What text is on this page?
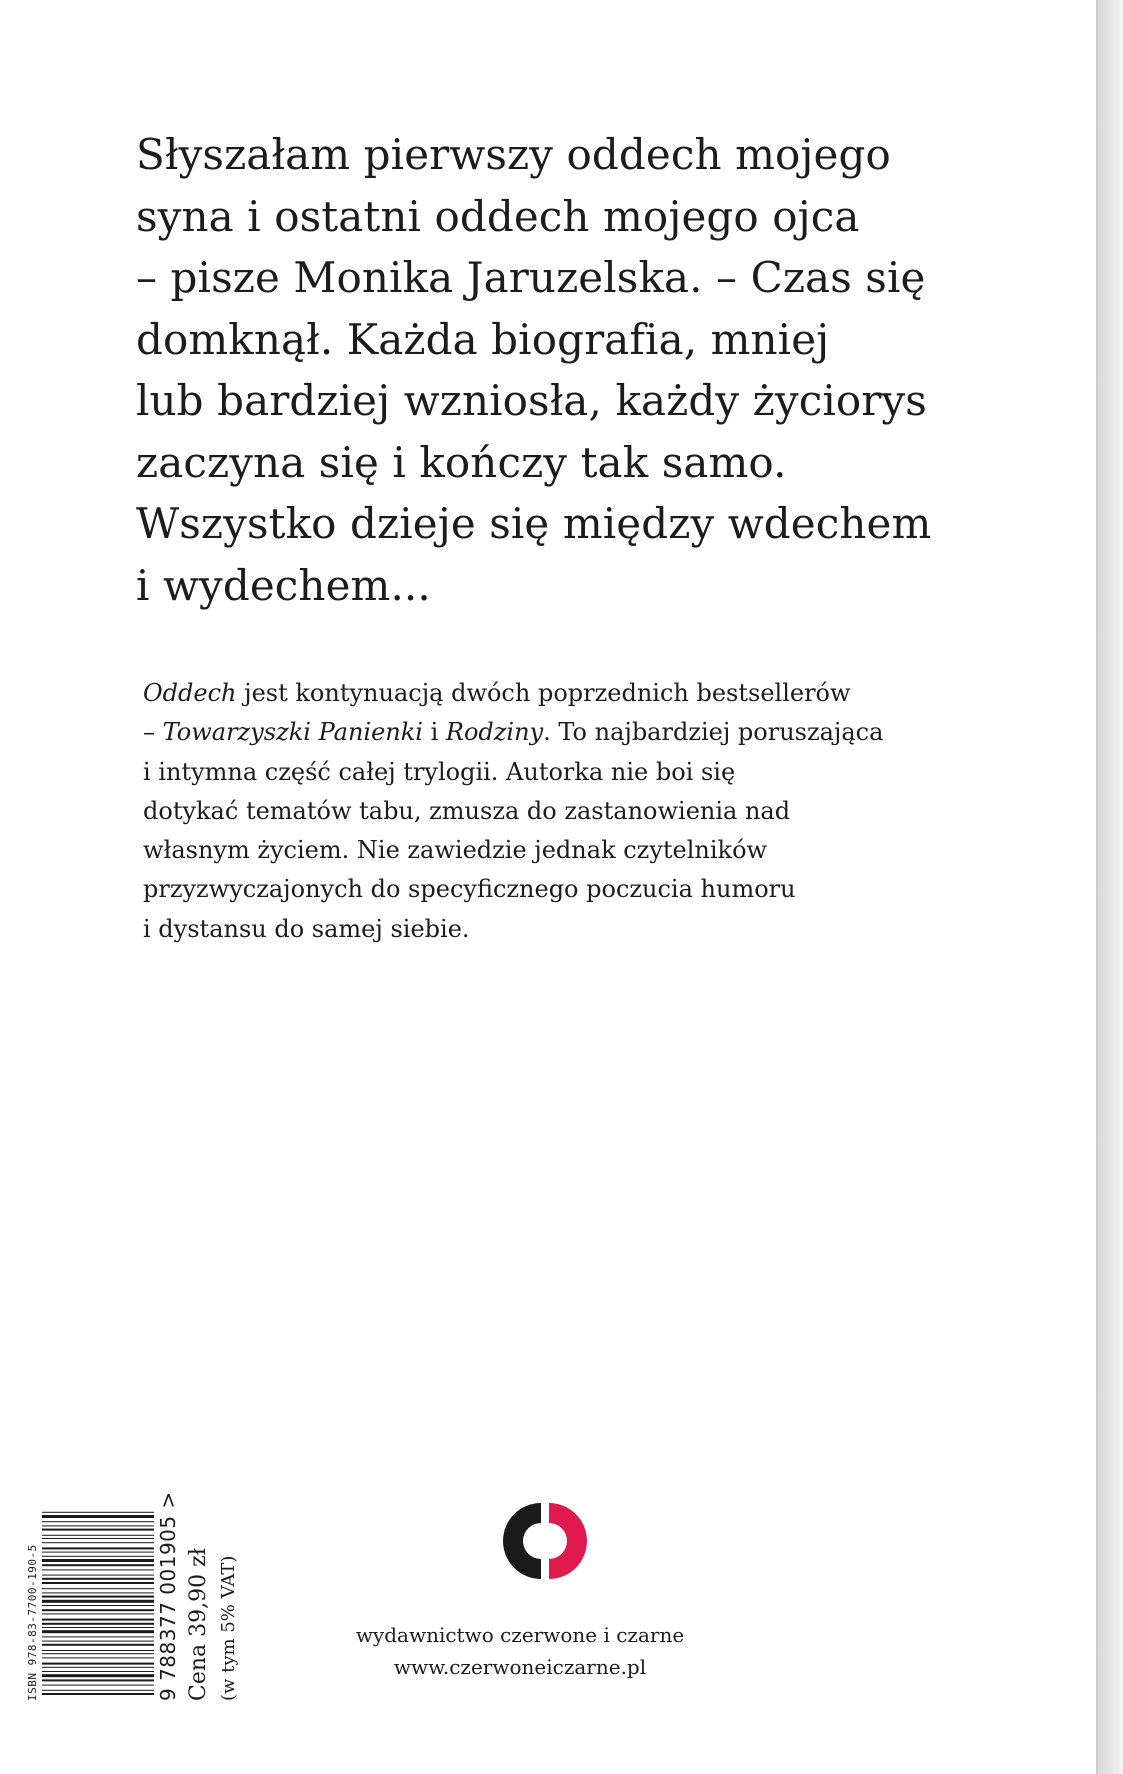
Słyszałam pierwszy oddech mojego
syna i ostatni oddech mojego ojca
– pisze Monika Jaruzelska. – Czas się
domknął. Każda biografia, mniej
lub bardziej wzniosła, każdy życiorys
zaczyna się i kończy tak samo.
Wszystko dzieje się między wdechem
i wydechem...
Oddech jest kontynuacją dwóch poprzednich bestsellerów
– Towarzyszki Panienki i Rodziny. To najbardziej poruszająca
i intymna część całej trylogii. Autorka nie boi się
dotykać tematów tabu, zmusza do zastanowienia nad
własnym życiem. Nie zawiedzie jednak czytelników
przyzwyczajonych do specyficznego poczucia humoru
i dystansu do samej siebie.
wydawnictwo czerwone i czarne
www.czerwoneiczarne.pl
ISBN 978-83-7700-190-5	9 788377 001905 > Cena 39,90 zł (w tym 5% VAT)
